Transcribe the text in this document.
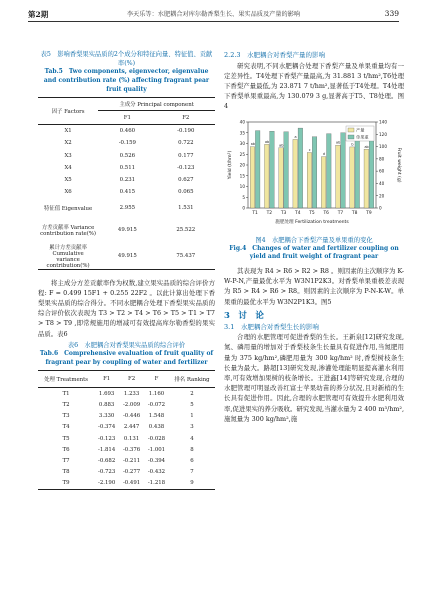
第2期	李天乐等：水肥耦合对库尔勒香梨生长、果实品质及产量的影响	339
表5　影响香梨果实品质的2个成分和特征向量、特征值、贡献率(%)
Tab.5　Two components, eigenvector, eigenvalue and contribution rate (%) affecting fragrant pear fruit quality
因子 Factors	主成分 Principal component	
	F1	F2
X1	0.460	-0.190
X2	-0.159	0.722
X3	0.526	0.177
X4	0.511	-0.123
X5	0.231	0.627
X6	0.415	0.065
特征值 Eigenvalue	2.955	1.531
方差贡献率 Variance contribution rate(%)	49.915	25.522
累计方差贡献率 Cumulative variance contribution(%)	49.915	75.437

将主成分方差贡献率作为权数,建立果实品质的综合评价方程: F = 0.499 15F1 + 0.255 22F2 。以此计算出处理下香梨果实品质的综合得分。不同水肥耦合处理下香梨果实品质的综合评价依次表现为 T3 > T2 > T4 > T6 > T5 > T1 > T7 > T8 > T9 ,即常规施用的增减可有效提高库尔勒香梨的果实品质。表6

表6　水肥耦合对香梨果实品质的综合评价
Tab.6　Comprehensive evaluation of fruit quality of fragrant pear by coupling of water and fertilizer
处理 Treatments	F1	F2	F	排名 Ranking
T1	1.693	1.233	1.160	2
T2	0.883	-2.009	-0.072	5
T3	3.330	-0.446	1.548	1
T4	-0.374	2.447	0.438	3
T5	-0.123	0.131	-0.028	4
T6	-1.814	-0.376	-1.001	8
T7	-0.682	-0.211	-0.394	6
T8	-0.723	-0.277	-0.432	7
T9	-2.190	-0.491	-1.218	9
2.2.3　水肥耦合对香梨产量的影响

研究表明,不同水肥耦合处理下香梨产量及单果重量均有一定差异性。T4处理下香梨产量最高,为 31.881 3 t/hm²,T6处理下香梨产量最低,为 23.871 7 t/hm²,显著低于T4处理。T4处理下香梨单果重最高,为 130.079 3 g,显著高于T5、T8处理。图4

0
5
10
15
20
25
30
35
40
0
20
40
60
80
100
120
140
ab
T1
ab
T2
ab
T3
a
T4
c
T5
d
T6
ab
T7
b
T8
ab
T9
Yield (t/hm²)	Fruit weight (g)
施肥处理 Fertilization treatments
产量
单果重
图4　水肥耦合下香梨产量及单果重的变化
Fig.4　Changes of water and fertilizer coupling on yield and fruit weight of fragrant pear

其表现为 R4 > R6 > R2 > R8 。则因素的主次顺序为 K-W-P-N,产量最优水平为 W3N1P2K3。对香梨单果重极差表现为 R5 > R4 > R6 > R8。则因素的主次顺序为 P-N-K-W。单果重的最优水平为 W3N2P1K3。图5

3　讨　论
3.1　水肥耦合对香梨生长的影响

合理的水肥管理可促进香梨的生长。王新泉[12]研究发现,氮、磷用量的增加对于香梨枝条生长量具有促进作用,当氮肥用量为 375 kg/hm²,磷肥用量为 300 kg/hm² 时,香梨树枝条生长量为最大。路超[13]研究发现,渗灌处理能明显提高灌水利用率,可有效增加果树的枝条增长。王进鑫[14]等研究发现,合理的水肥管理可明显改善红富士苹果幼苗的养分状况,且对新梢的生长具有促进作用。因此,合理的水肥管理可有效提升水肥利用效率,促进果实的养分吸收。研究发现,当灌水量为 2 400 m³/hm²,施氮量为 300 kg/hm²,施
